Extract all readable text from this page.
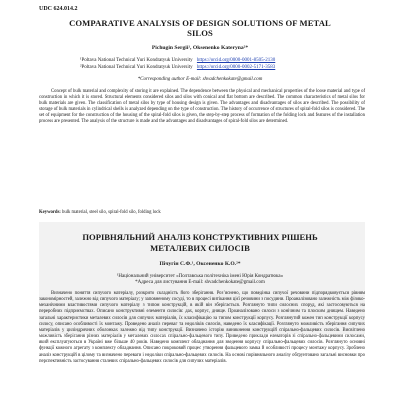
UDC 624.014.2
COMPARATIVE ANALYSIS OF DESIGN SOLUTIONS OF METAL SILOS
Pichugin Sergii¹, Oksenenko Kateryna²*
¹Poltava National Technical Yuri Kondratyuk University https://orcid.org/0000-0001-8505-2130
²Poltava National Technical Yuri Kondratyuk University https://orcid.org/0000-0002-5171-3583
*Corresponding author E-mail: shvadchenkokate@gmail.com

Concept of bulk material and complexity of storing it are explained. The dependence between the physical and mechanical properties of the loose material and type of construction in which it is stored. Structural elements considered silos and silos with conical and flat bottom are described. The common characteristics of metal silos for bulk materials are given. The classification of metal silos by type of housing design is given. The advantages and disadvantages of silos are described. The possibility of storage of bulk materials in cylindrical shells is analyzed depending on the type of construction. The history of occurrence of structures of spiral-fold silos is considered. The set of equipment for the construction of the housing of the spiral-fold silos is given, the step-by-step process of formation of the folding lock and features of the installation process are presented. The analysis of the structure is made and the advantages and disadvantages of spiral-fold silos are determined.

Keywords: bulk material, steel silo, spiral-fold silo, folding lock
ПОРІВНЯЛЬНИЙ АНАЛІЗ КОНСТРУКТИВНИХ РІШЕНЬ МЕТАЛЕВИХ СИЛОСІВ
Пічугін С.Ф.¹, Оксененко К.О.²*
¹Національний університет «Полтавська політехніка імені Юрія Кондратюка»
*Адреса для листування E-mail: shvadchenkokate@gmail.com

Визначено поняття сипучого матеріалу, розкрито складність його зберігання. Розʼяснено, що поведінка сипучої речовини підпорядковується рівням закономірностей, залежно від сипучого матеріалу; у заповненому сосуді, то в процесі витікання цієї речовини з посудини. Проаналізовано залежність між фізико-механічними властивостями сипучого матеріалу з типом конструкцій, в якій він зберігається. Розглянуто типи силосних споруд, які застосовуються на переробних підприємствах. Описано конструктивні елементи силосів: дах, корпус, днище. Проаналізовано силоси з конічним та плоским днищем. Наведено загальні характеристики металевих силосів для сипучих матеріалів, їх класифікацію за типом конструкції корпусу. Розглянутий кожен тип конструкції корпусу силосу, описано особливості їх монтажу. Проведено аналіз переваг та недоліків силосів, наведено їх класифікації. Розглянуто можливість зберігання сипучих матеріалів у циліндричних оболонках залежно від типу конструкції. Визначено історію виникнення конструкцій спірально-фальцевих силосів. Висвітлено можливість зберігання різних матеріалів у металевих силосах спірально-фальцевого типу. Приведено приклади елеваторів зі спірально-фальцевими силосами, який експлуатуються в Україні вже більше 40 років. Наведено комплект обладнання для зведення корпусу спірально-фальцевих силосів. Розглянуто основні функції кожного агрегату з комплекту обладнання. Описано покроковий процес утворення фальцевого замка й особливості процесу монтажу корпусу. Зроблено аналіз конструкцій в цілому та визначено переваги і недоліки спірально-фальцевих силосів. На основі порівняльного аналізу обґрунтовано загальні висновки про перспективність застосування сталевих спірально-фальцевих силосів для сипучих матеріалів.
